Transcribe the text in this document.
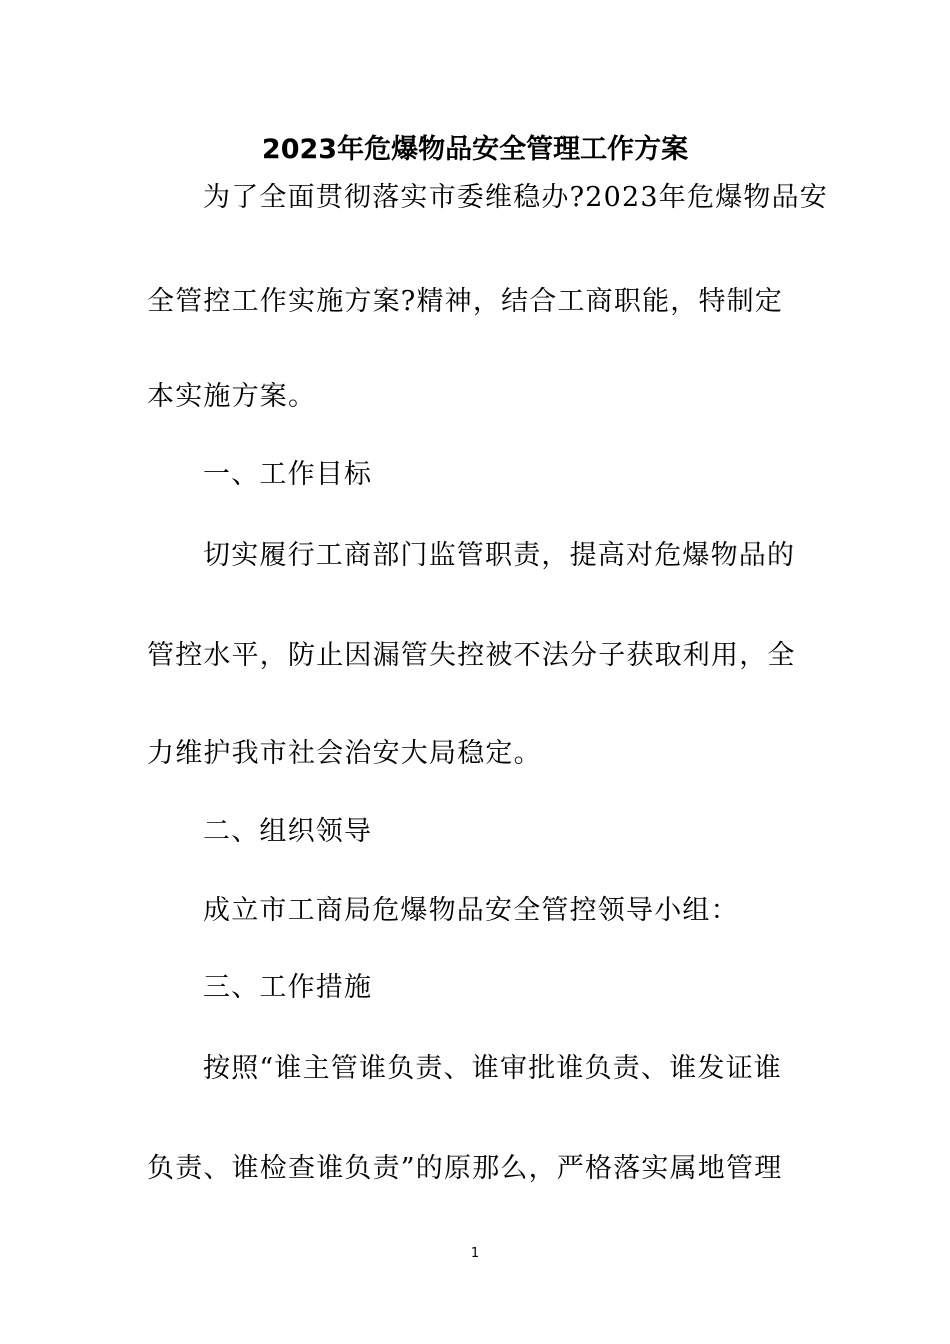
2023年危爆物品安全管理工作方案
为了全面贯彻落实市委维稳办?2023年危爆物品安
全管控工作实施方案?精神，结合工商职能，特制定
本实施方案。
一、工作目标
切实履行工商部门监管职责，提高对危爆物品的
管控水平，防止因漏管失控被不法分子获取利用，全
力维护我市社会治安大局稳定。
二、组织领导
成立市工商局危爆物品安全管控领导小组：
三、工作措施
按照“谁主管谁负责、谁审批谁负责、谁发证谁
负责、谁检查谁负责”的原那么，严格落实属地管理
1
